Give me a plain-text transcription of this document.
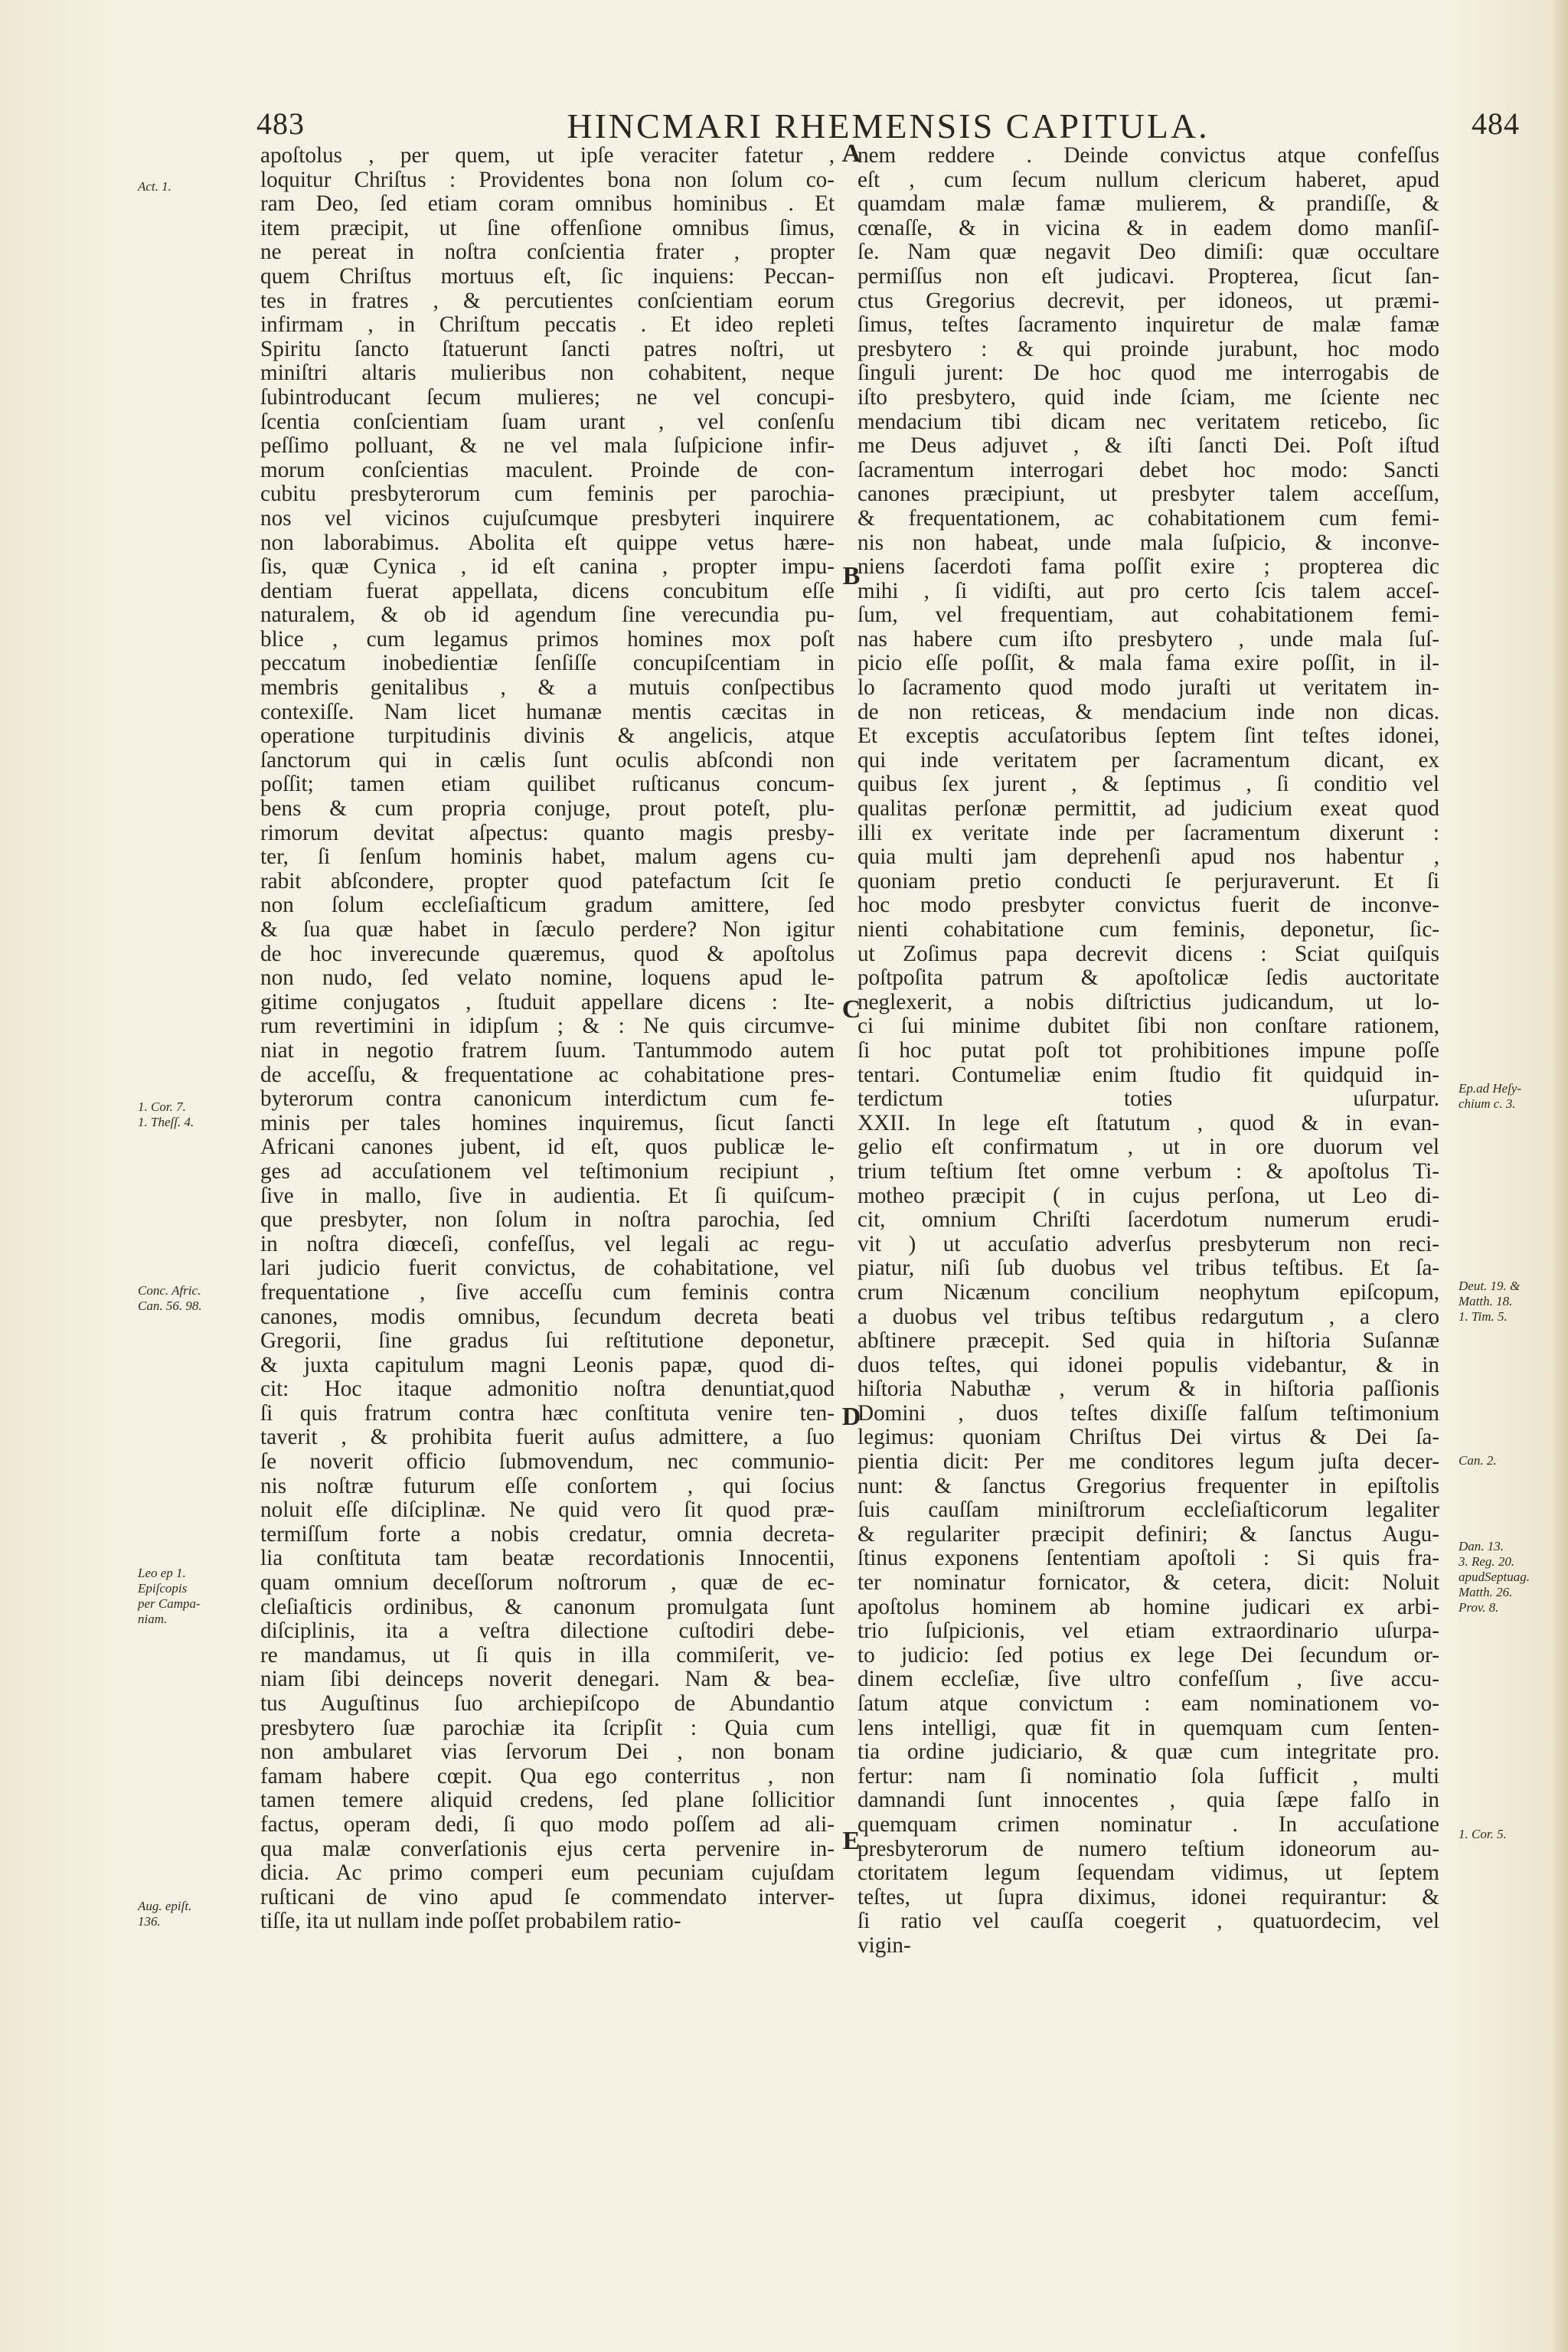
483	HINCMARI RHEMENSIS CAPITULA.	484
apoſtolus , per quem, ut ipſe veraciter fatetur ,
loquitur Chriſtus : Providentes bona non ſolum co-
ram Deo, ſed etiam coram omnibus hominibus . Et
item præcipit, ut ſine offenſione omnibus ſimus,
ne pereat in noſtra conſcientia frater , propter
quem Chriſtus mortuus eſt, ſic inquiens: Peccan-
tes in fratres , & percutientes conſcientiam eorum
infirmam , in Chriſtum peccatis . Et ideo repleti
Spiritu ſancto ſtatuerunt ſancti patres noſtri, ut
miniſtri altaris mulieribus non cohabitent, neque
ſubintroducant ſecum mulieres; ne vel concupi-
ſcentia conſcientiam ſuam urant , vel conſenſu
peſſimo polluant, & ne vel mala ſuſpicione infir-
morum conſcientias maculent. Proinde de con-
cubitu presbyterorum cum feminis per parochia-
nos vel vicinos cujuſcumque presbyteri inquirere
non laborabimus. Abolita eſt quippe vetus hære-
ſis, quæ Cynica , id eſt canina , propter impu-
dentiam fuerat appellata, dicens concubitum eſſe
naturalem, & ob id agendum ſine verecundia pu-
blice , cum legamus primos homines mox poſt
peccatum inobedientiæ ſenſiſſe concupiſcentiam in
membris genitalibus , & a mutuis conſpectibus
contexiſſe. Nam licet humanæ mentis cæcitas in
operatione turpitudinis divinis & angelicis, atque
ſanctorum qui in cælis ſunt oculis abſcondi non
poſſit; tamen etiam quilibet ruſticanus concum-
bens & cum propria conjuge, prout poteſt, plu-
rimorum devitat aſpectus: quanto magis presby-
ter, ſi ſenſum hominis habet, malum agens cu-
rabit abſcondere, propter quod patefactum ſcit ſe
non ſolum eccleſiaſticum gradum amittere, ſed
& ſua quæ habet in ſæculo perdere? Non igitur
de hoc inverecunde quæremus, quod & apoſtolus
non nudo, ſed velato nomine, loquens apud le-
gitime conjugatos , ſtuduit appellare dicens : Ite-
rum revertimini in idipſum ; & : Ne quis circumve-
niat in negotio fratrem ſuum. Tantummodo autem
de acceſſu, & frequentatione ac cohabitatione pres-
byterorum contra canonicum interdictum cum fe-
minis per tales homines inquiremus, ſicut ſancti
Africani canones jubent, id eſt, quos publicæ le-
ges ad accuſationem vel teſtimonium recipiunt ,
ſive in mallo, ſive in audientia. Et ſi quiſcum-
que presbyter, non ſolum in noſtra parochia, ſed
in noſtra diœceſi, confeſſus, vel legali ac regu-
lari judicio fuerit convictus, de cohabitatione, vel
frequentatione , ſive acceſſu cum feminis contra
canones, modis omnibus, ſecundum decreta beati
Gregorii, ſine gradus ſui reſtitutione deponetur,
& juxta capitulum magni Leonis papæ, quod di-
cit: Hoc itaque admonitio noſtra denuntiat,quod
ſi quis fratrum contra hæc conſtituta venire ten-
taverit , & prohibita fuerit auſus admittere, a ſuo
ſe noverit officio ſubmovendum, nec communio-
nis noſtræ futurum eſſe conſortem , qui ſocius
noluit eſſe diſciplinæ. Ne quid vero ſit quod præ-
termiſſum forte a nobis credatur, omnia decreta-
lia conſtituta tam beatæ recordationis Innocentii,
quam omnium deceſſorum noſtrorum , quæ de ec-
cleſiaſticis ordinibus, & canonum promulgata ſunt
diſciplinis, ita a veſtra dilectione cuſtodiri debe-
re mandamus, ut ſi quis in illa commiſerit, ve-
niam ſibi deinceps noverit denegari. Nam & bea-
tus Auguſtinus ſuo archiepiſcopo de Abundantio
presbytero ſuæ parochiæ ita ſcripſit : Quia cum
non ambularet vias ſervorum Dei , non bonam
famam habere cœpit. Qua ego conterritus , non
tamen temere aliquid credens, ſed plane ſollicitior
factus, operam dedi, ſi quo modo poſſem ad ali-
qua malæ converſationis ejus certa pervenire in-
dicia. Ac primo comperi eum pecuniam cujuſdam
ruſticani de vino apud ſe commendato interver-
tiſſe, ita ut nullam inde poſſet probabilem ratio-
nem reddere . Deinde convictus atque confeſſus
eſt , cum ſecum nullum clericum haberet, apud
quamdam malæ famæ mulierem, & prandiſſe, &
cœnaſſe, & in vicina & in eadem domo manſiſ-
ſe. Nam quæ negavit Deo dimiſi: quæ occultare
permiſſus non eſt judicavi. Propterea, ſicut ſan-
ctus Gregorius decrevit, per idoneos, ut præmi-
ſimus, teſtes ſacramento inquiretur de malæ famæ
presbytero : & qui proinde jurabunt, hoc modo
ſinguli jurent: De hoc quod me interrogabis de
iſto presbytero, quid inde ſciam, me ſciente nec
mendacium tibi dicam nec veritatem reticebo, ſic
me Deus adjuvet , & iſti ſancti Dei. Poſt iſtud
ſacramentum interrogari debet hoc modo: Sancti
canones præcipiunt, ut presbyter talem acceſſum,
& frequentationem, ac cohabitationem cum femi-
nis non habeat, unde mala ſuſpicio, & inconve-
niens ſacerdoti fama poſſit exire ; propterea dic
mihi , ſi vidiſti, aut pro certo ſcis talem acceſ-
ſum, vel frequentiam, aut cohabitationem femi-
nas habere cum iſto presbytero , unde mala ſuſ-
picio eſſe poſſit, & mala fama exire poſſit, in il-
lo ſacramento quod modo juraſti ut veritatem in-
de non reticeas, & mendacium inde non dicas.
Et exceptis accuſatoribus ſeptem ſint teſtes idonei,
qui inde veritatem per ſacramentum dicant, ex
quibus ſex jurent , & ſeptimus , ſi conditio vel
qualitas perſonæ permittit, ad judicium exeat quod
illi ex veritate inde per ſacramentum dixerunt :
quia multi jam deprehenſi apud nos habentur ,
quoniam pretio conducti ſe perjuraverunt. Et ſi
hoc modo presbyter convictus fuerit de inconve-
nienti cohabitatione cum feminis, deponetur, ſic-
ut Zoſimus papa decrevit dicens : Sciat quiſquis
poſtpoſita patrum & apoſtolicæ ſedis auctoritate
neglexerit, a nobis diſtrictius judicandum, ut lo-
ci ſui minime dubitet ſibi non conſtare rationem,
ſi hoc putat poſt tot prohibitiones impune poſſe
tentari. Contumeliæ enim ſtudio fit quidquid in-
terdictum toties uſurpatur.
XXII. In lege eſt ſtatutum , quod & in evan-
gelio eſt confirmatum , ut in ore duorum vel
trium teſtium ſtet omne verbum : & apoſtolus Ti-
motheo præcipit ( in cujus perſona, ut Leo di-
cit, omnium Chriſti ſacerdotum numerum erudi-
vit ) ut accuſatio adverſus presbyterum non reci-
piatur, niſi ſub duobus vel tribus teſtibus. Et ſa-
crum Nicænum concilium neophytum epiſcopum,
a duobus vel tribus teſtibus redargutum , a clero
abſtinere præcepit. Sed quia in hiſtoria Suſannæ
duos teſtes, qui idonei populis videbantur, & in
hiſtoria Nabuthæ , verum & in hiſtoria paſſionis
Domini , duos teſtes dixiſſe falſum teſtimonium
legimus: quoniam Chriſtus Dei virtus & Dei ſa-
pientia dicit: Per me conditores legum juſta decer-
nunt: & ſanctus Gregorius frequenter in epiſtolis
ſuis cauſſam miniſtrorum eccleſiaſticorum legaliter
& regulariter præcipit definiri; & ſanctus Augu-
ſtinus exponens ſententiam apoſtoli : Si quis fra-
ter nominatur fornicator, & cetera, dicit: Noluit
apoſtolus hominem ab homine judicari ex arbi-
trio ſuſpicionis, vel etiam extraordinario uſurpa-
to judicio: ſed potius ex lege Dei ſecundum or-
dinem eccleſiæ, ſive ultro confeſſum , ſive accu-
ſatum atque convictum : eam nominationem vo-
lens intelligi, quæ fit in quemquam cum ſenten-
tia ordine judiciario, & quæ cum integritate pro.
fertur: nam ſi nominatio ſola ſufficit , multi
damnandi ſunt innocentes , quia ſæpe falſo in
quemquam crimen nominatur . In accuſatione
presbyterorum de numero teſtium idoneorum au-
ctoritatem legum ſequendam vidimus, ut ſeptem
teſtes, ut ſupra diximus, idonei requirantur: &
ſi ratio vel cauſſa coegerit , quatuordecim, vel
vigin-
A
B
C
D
E
Act. 1.
1. Cor. 7.
1. Theſſ. 4.
Conc. Afric.
Can. 56. 98.
Leo ep 1.
Epiſcopis
per Campa-
niam.
Aug. epiſt.
136.
Ep.ad Heſy-
chium c. 3.
Deut. 19. &
Matth. 18.
1. Tim. 5.
Can. 2.
Dan. 13.
3. Reg. 20.
apudSeptuag.
Matth. 26.
Prov. 8.
1. Cor. 5.
